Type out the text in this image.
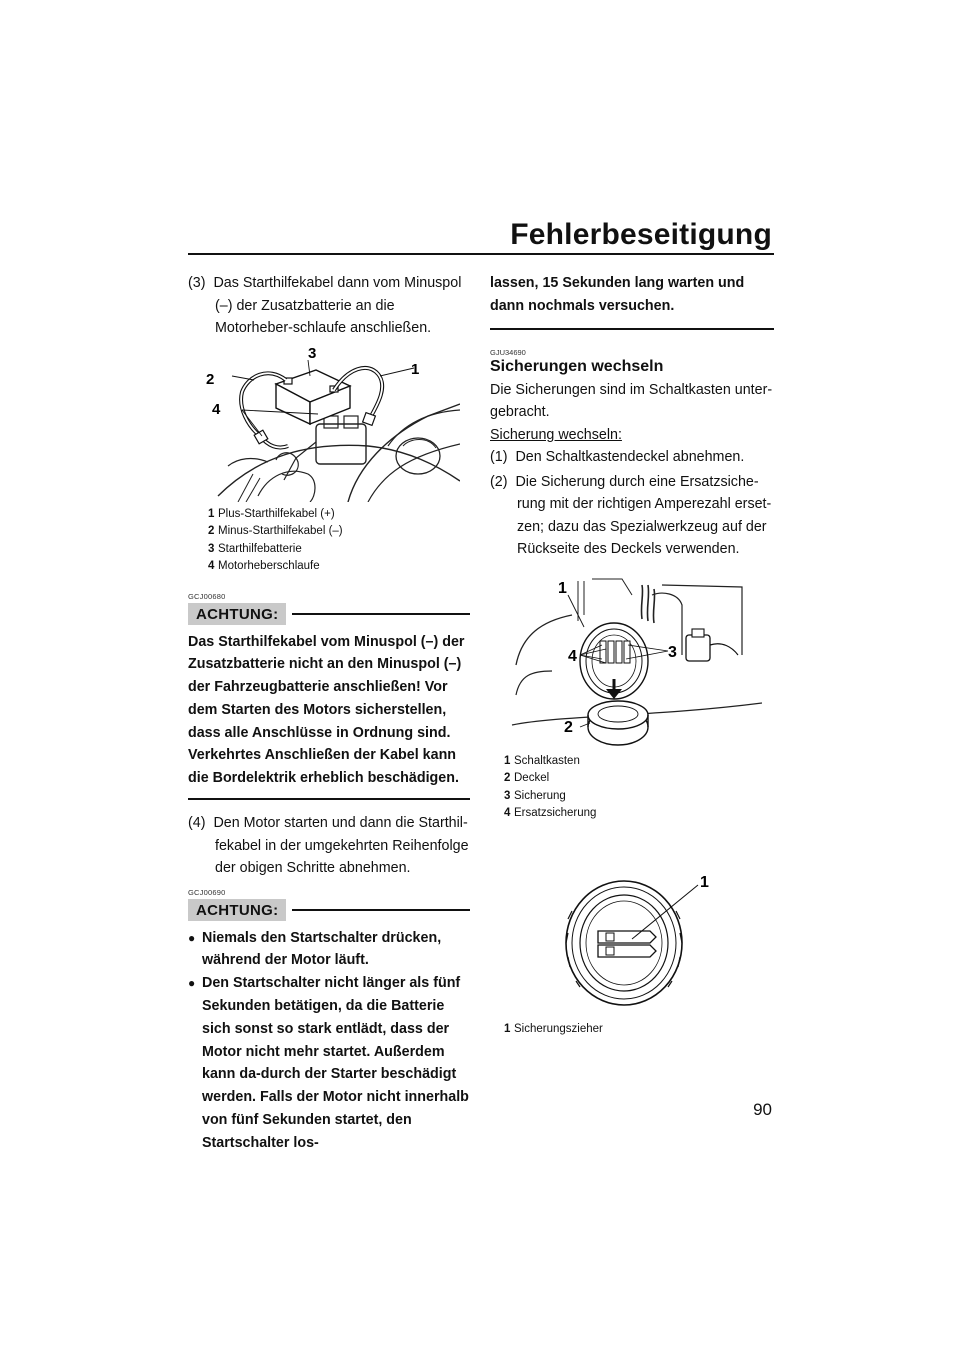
Fehlerbeseitigung

(3) Das Starthilfekabel dann vom Minuspol (–) der Zusatzbatterie an die Motorheber-schlaufe anschließen.

1
2
3
4
1 Plus-Starthilfekabel (+)
2 Minus-Starthilfekabel (–)
3 Starthilfebatterie
4 Motorheberschlaufe

GCJ00680

ACHTUNG:

Das Starthilfekabel vom Minuspol (–) der Zusatzbatterie nicht an den Minuspol (–) der Fahrzeugbatterie anschließen! Vor dem Starten des Motors sicherstellen, dass alle Anschlüsse in Ordnung sind. Verkehrtes Anschließen der Kabel kann die Bordelektrik erheblich beschädigen.

(4) Den Motor starten und dann die Starthil-fekabel in der umgekehrten Reihenfolge der obigen Schritte abnehmen.

GCJ00690

ACHTUNG:
● Niemals den Startschalter drücken, während der Motor läuft.
● Den Startschalter nicht länger als fünf Sekunden betätigen, da die Batterie sich sonst so stark entlädt, dass der Motor nicht mehr startet. Außerdem kann da-durch der Starter beschädigt werden. Falls der Motor nicht innerhalb von fünf Sekunden startet, den Startschalter los-

lassen, 15 Sekunden lang warten und dann nochmals versuchen.

GJU34690

Sicherungen wechseln

Die Sicherungen sind im Schaltkasten unter-gebracht.

Sicherung wechseln:

(1) Den Schaltkastendeckel abnehmen.

(2) Die Sicherung durch eine Ersatzsiche-rung mit der richtigen Amperezahl erset-zen; dazu das Spezialwerkzeug auf der Rückseite des Deckels verwenden.

1
2
3
4
1 Schaltkasten
2 Deckel
3 Sicherung
4 Ersatzsicherung
1
1 Sicherungszieher
90
